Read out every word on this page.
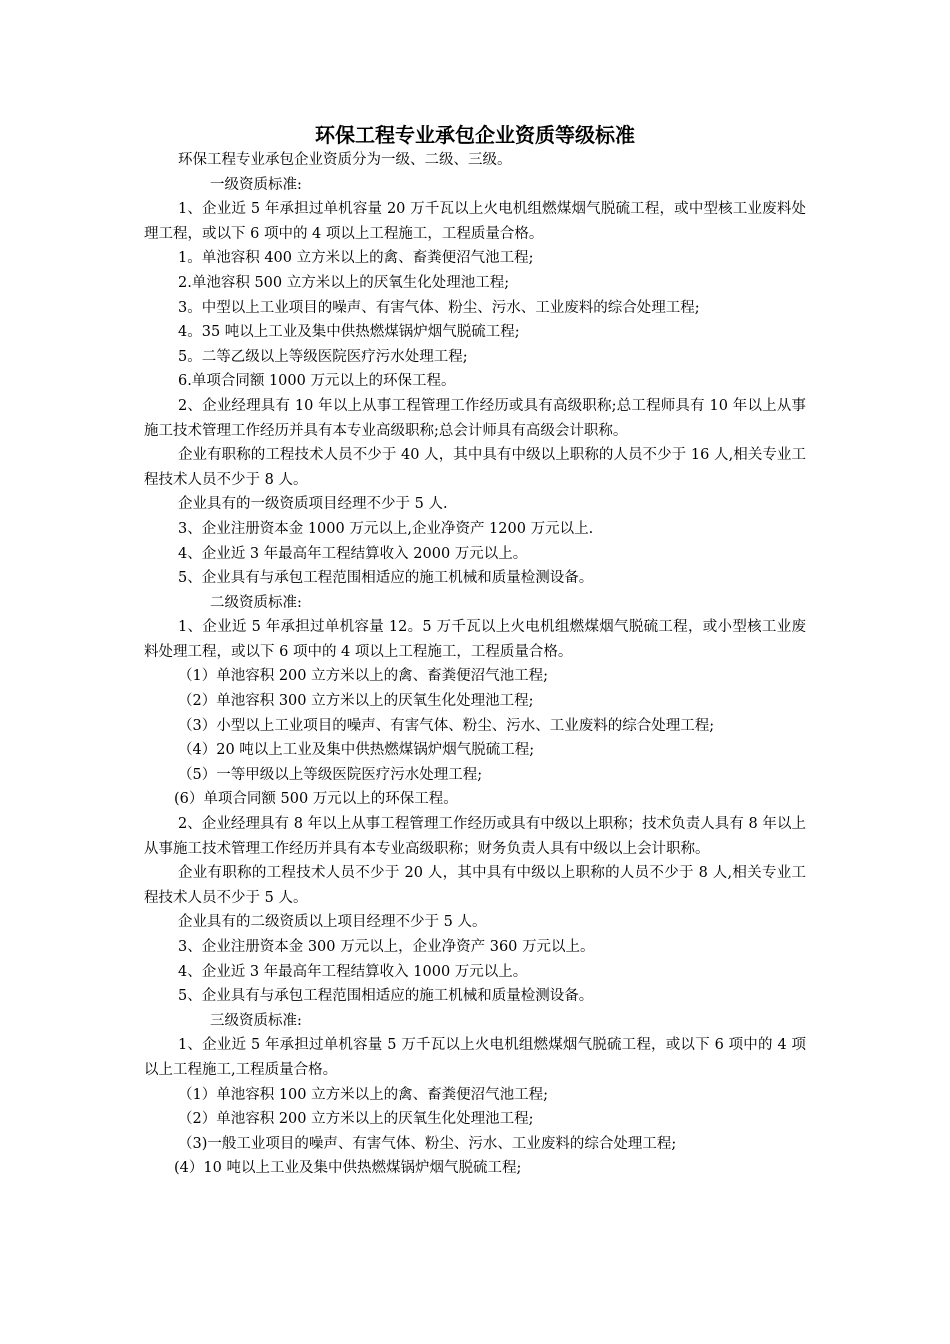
环保工程专业承包企业资质等级标准

环保工程专业承包企业资质分为一级、二级、三级。

一级资质标准:

1、企业近 5 年承担过单机容量 20 万千瓦以上火电机组燃煤烟气脱硫工程，或中型核工业废料处理工程，或以下 6 项中的 4 项以上工程施工，工程质量合格。

1。单池容积 400 立方米以上的禽、畜粪便沼气池工程;

2.单池容积 500 立方米以上的厌氧生化处理池工程;

3。中型以上工业项目的噪声、有害气体、粉尘、污水、工业废料的综合处理工程;

4。35 吨以上工业及集中供热燃煤锅炉烟气脱硫工程;

5。二等乙级以上等级医院医疗污水处理工程;

6.单项合同额 1000 万元以上的环保工程。

2、企业经理具有 10 年以上从事工程管理工作经历或具有高级职称;总工程师具有 10 年以上从事施工技术管理工作经历并具有本专业高级职称;总会计师具有高级会计职称。

企业有职称的工程技术人员不少于 40 人，其中具有中级以上职称的人员不少于 16 人,相关专业工程技术人员不少于 8 人。

企业具有的一级资质项目经理不少于 5 人.

3、企业注册资本金 1000 万元以上,企业净资产 1200 万元以上.

4、企业近 3 年最高年工程结算收入 2000 万元以上。

5、企业具有与承包工程范围相适应的施工机械和质量检测设备。

二级资质标准:

1、企业近 5 年承担过单机容量 12。5 万千瓦以上火电机组燃煤烟气脱硫工程，或小型核工业废料处理工程，或以下 6 项中的 4 项以上工程施工，工程质量合格。

（1）单池容积 200 立方米以上的禽、畜粪便沼气池工程;

（2）单池容积 300 立方米以上的厌氧生化处理池工程;

（3）小型以上工业项目的噪声、有害气体、粉尘、污水、工业废料的综合处理工程;

（4）20 吨以上工业及集中供热燃煤锅炉烟气脱硫工程;

（5）一等甲级以上等级医院医疗污水处理工程;

(6）单项合同额 500 万元以上的环保工程。

2、企业经理具有 8 年以上从事工程管理工作经历或具有中级以上职称；技术负责人具有 8 年以上从事施工技术管理工作经历并具有本专业高级职称；财务负责人具有中级以上会计职称。

企业有职称的工程技术人员不少于 20 人，其中具有中级以上职称的人员不少于 8 人,相关专业工程技术人员不少于 5 人。

企业具有的二级资质以上项目经理不少于 5 人。

3、企业注册资本金 300 万元以上，企业净资产 360 万元以上。

4、企业近 3 年最高年工程结算收入 1000 万元以上。

5、企业具有与承包工程范围相适应的施工机械和质量检测设备。

三级资质标准:

1、企业近 5 年承担过单机容量 5 万千瓦以上火电机组燃煤烟气脱硫工程，或以下 6 项中的 4 项以上工程施工,工程质量合格。

（1）单池容积 100 立方米以上的禽、畜粪便沼气池工程;

（2）单池容积 200 立方米以上的厌氧生化处理池工程;

（3)一般工业项目的噪声、有害气体、粉尘、污水、工业废料的综合处理工程;

(4）10 吨以上工业及集中供热燃煤锅炉烟气脱硫工程;
